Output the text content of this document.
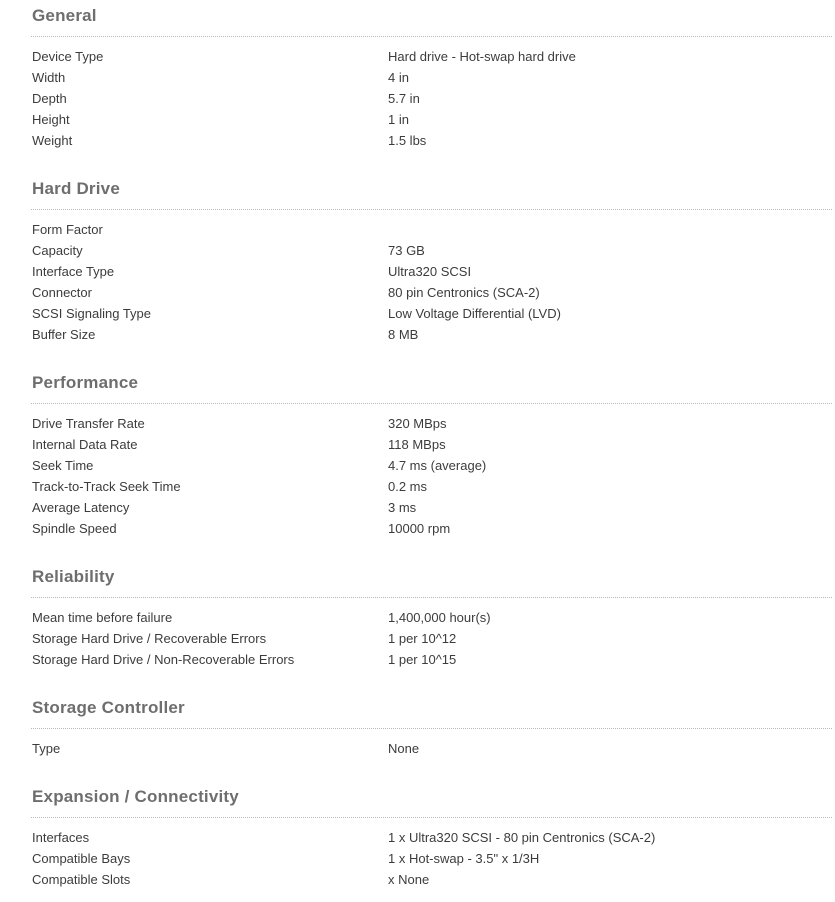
General
Device Type	Hard drive - Hot-swap hard drive
Width	4 in
Depth	5.7 in
Height	1 in
Weight	1.5 lbs
Hard Drive
Form Factor
Capacity	73 GB
Interface Type	Ultra320 SCSI
Connector	80 pin Centronics (SCA-2)
SCSI Signaling Type	Low Voltage Differential (LVD)
Buffer Size	8 MB
Performance
Drive Transfer Rate	320 MBps
Internal Data Rate	118 MBps
Seek Time	4.7 ms (average)
Track-to-Track Seek Time	0.2 ms
Average Latency	3 ms
Spindle Speed	10000 rpm
Reliability
Mean time before failure	1,400,000 hour(s)
Storage Hard Drive / Recoverable Errors	1 per 10^12
Storage Hard Drive / Non-Recoverable Errors	1 per 10^15
Storage Controller
Type	None
Expansion / Connectivity
Interfaces	1 x Ultra320 SCSI - 80 pin Centronics (SCA-2)
Compatible Bays	1 x Hot-swap - 3.5" x 1/3H
Compatible Slots	x None
